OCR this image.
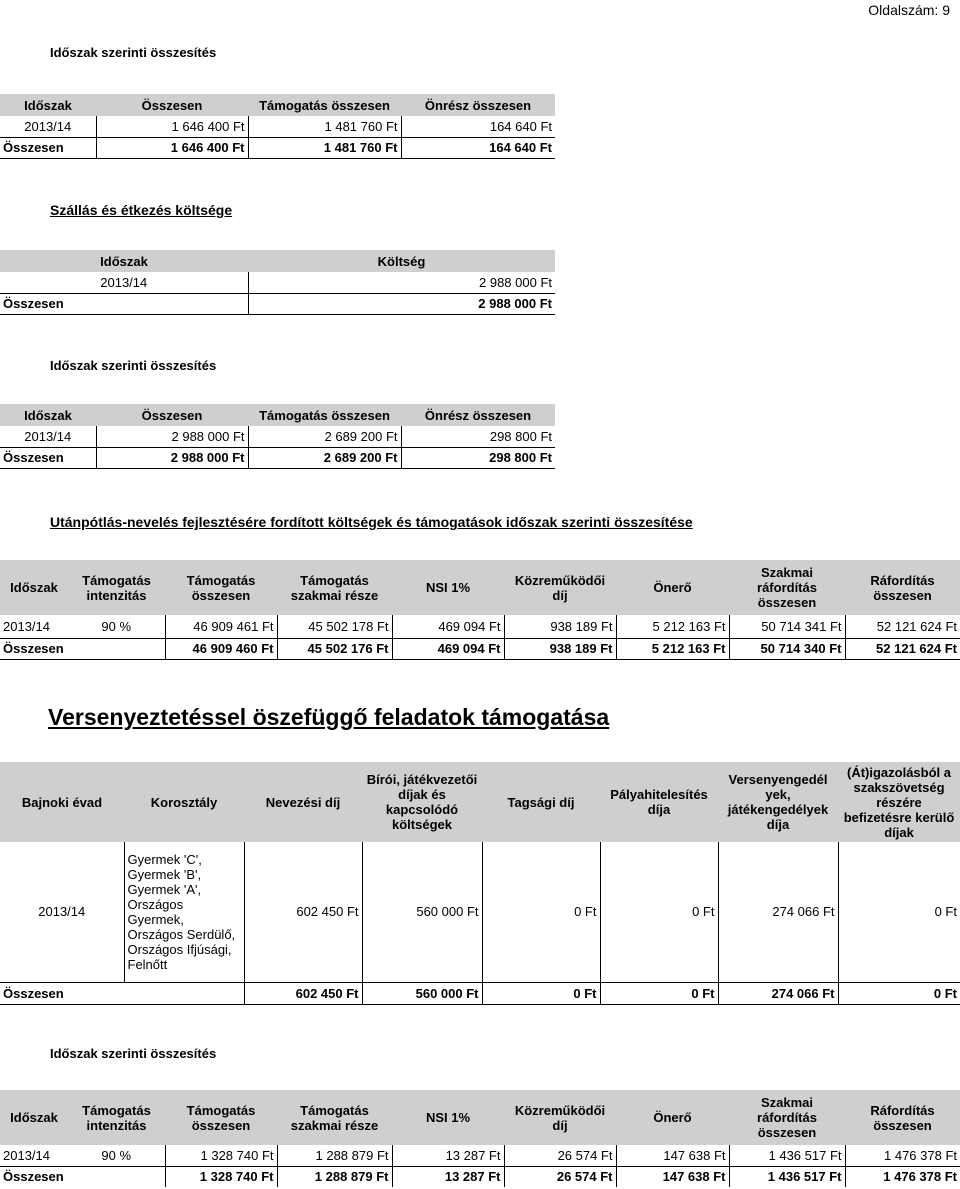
Oldalszám: 9
Időszak szerinti összesítés
Időszak	Összesen	Támogatás összesen	Önrész összesen
2013/14	1 646 400 Ft	1 481 760 Ft	164 640 Ft
Összesen	1 646 400 Ft	1 481 760 Ft	164 640 Ft
Szállás és étkezés költsége
Időszak	Költség
2013/14	2 988 000 Ft
Összesen	2 988 000 Ft
Időszak szerinti összesítés
Időszak	Összesen	Támogatás összesen	Önrész összesen
2013/14	2 988 000 Ft	2 689 200 Ft	298 800 Ft
Összesen	2 988 000 Ft	2 689 200 Ft	298 800 Ft
Utánpótlás-nevelés fejlesztésére fordított költségek és támogatások időszak szerinti összesítése
Időszak	Támogatás intenzitás	Támogatás összesen	Támogatás szakmai része	NSI 1%	Közreműködői díj	Önerő	Szakmai ráfordítás összesen	Ráfordítás összesen
2013/14	90 %	46 909 461 Ft	45 502 178 Ft	469 094 Ft	938 189 Ft	5 212 163 Ft	50 714 341 Ft	52 121 624 Ft
Összesen		46 909 460 Ft	45 502 176 Ft	469 094 Ft	938 189 Ft	5 212 163 Ft	50 714 340 Ft	52 121 624 Ft
Versenyeztetéssel öszefüggő feladatok támogatása
Bajnoki évad	Korosztály	Nevezési díj	Bírói, játékvezetői díjak és kapcsolódó költségek	Tagsági díj	Pályahitelesítés díja	Versenyengedél yek, játékengedélyek díja	(Át)igazolásból a szakszövetség részére befizetésre kerülő díjak
2013/14	Gyermek 'C', Gyermek 'B', Gyermek 'A', Országos Gyermek, Országos Serdülő, Országos Ifjúsági, Felnőtt	602 450 Ft	560 000 Ft	0 Ft	0 Ft	274 066 Ft	0 Ft
Összesen		602 450 Ft	560 000 Ft	0 Ft	0 Ft	274 066 Ft	0 Ft
Időszak szerinti összesítés
Időszak	Támogatás intenzitás	Támogatás összesen	Támogatás szakmai része	NSI 1%	Közreműködői díj	Önerő	Szakmai ráfordítás összesen	Ráfordítás összesen
2013/14	90 %	1 328 740 Ft	1 288 879 Ft	13 287 Ft	26 574 Ft	147 638 Ft	1 436 517 Ft	1 476 378 Ft
Összesen		1 328 740 Ft	1 288 879 Ft	13 287 Ft	26 574 Ft	147 638 Ft	1 436 517 Ft	1 476 378 Ft
